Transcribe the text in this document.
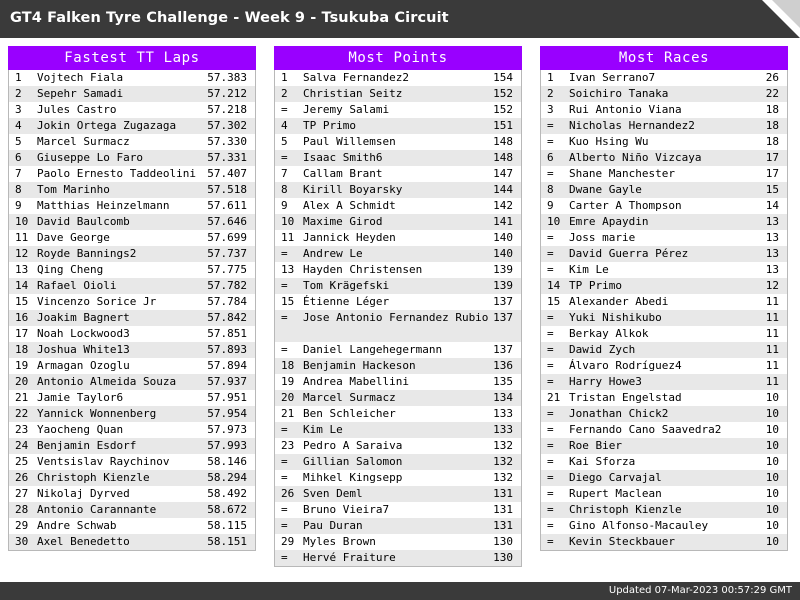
GT4 Falken Tyre Challenge - Week 9 - Tsukuba Circuit
Fastest TT Laps
1	Vojtech Fiala	57.383
2	Sepehr Samadi	57.212
3	Jules Castro	57.218
4	Jokin Ortega Zugazaga	57.302
5	Marcel Surmacz	57.330
6	Giuseppe Lo Faro	57.331
7	Paolo Ernesto Taddeolini	57.407
8	Tom Marinho	57.518
9	Matthias Heinzelmann	57.611
10 David Baulcomb	57.646
11 Dave George	57.699
12 Royde Bannings2	57.737
13 Qing Cheng	57.775
14 Rafael Oioli	57.782
15 Vincenzo Sorice Jr	57.784
16 Joakim Bagnert	57.842
17 Noah Lockwood3	57.851
18 Joshua White13	57.893
19 Armagan Ozoglu	57.894
20 Antonio Almeida Souza	57.937
21 Jamie Taylor6	57.951
22 Yannick Wonnenberg	57.954
23 Yaocheng Quan	57.973
24 Benjamin Esdorf	57.993
25 Ventsislav Raychinov	58.146
26 Christoph Kienzle	58.294
27 Nikolaj Dyrved	58.492
28 Antonio Carannante	58.672
29 Andre Schwab	58.115
30 Axel Benedetto	58.151
Most Points
1	Salva Fernandez2	154
2	Christian Seitz	152
=	Jeremy Salami	152
4	TP Primo	151
5	Paul Willemsen	148
=	Isaac Smith6	148
7	Callam Brant	147
8	Kirill Boyarsky	144
9	Alex A Schmidt	142
10 Maxime Girod	141
11 Jannick Heyden	140
=	Andrew Le	140
13 Hayden Christensen	139
=	Tom Krägefski	139
15 Étienne Léger	137
=	Jose Antonio Fernandez Rubio 137
=	Daniel Langehegermann	137
18 Benjamin Hackeson	136
19 Andrea Mabellini	135
20 Marcel Surmacz	134
21 Ben Schleicher	133
=	Kim Le	133
23 Pedro A Saraiva	132
=	Gillian Salomon	132
=	Mihkel Kingsepp	132
26 Sven Deml	131
=	Bruno Vieira7	131
=	Pau Duran	131
29 Myles Brown	130
=	Hervé Fraiture	130
Most Races
1	Ivan Serrano7	26
2	Soichiro Tanaka	22
3	Rui Antonio Viana	18
=	Nicholas Hernandez2	18
=	Kuo Hsing Wu	18
6	Alberto Niño Vizcaya	17
=	Shane Manchester	17
8	Dwane Gayle	15
9	Carter A Thompson	14
10 Emre Apaydin	13
=	Joss marie	13
=	David Guerra Pérez	13
=	Kim Le	13
14 TP Primo	12
15 Alexander Abedi	11
=	Yuki Nishikubo	11
=	Berkay Alkok	11
=	Dawid Zych	11
=	Álvaro Rodríguez4	11
=	Harry Howe3	11
21 Tristan Engelstad	10
=	Jonathan Chick2	10
=	Fernando Cano Saavedra2	10
=	Roe Bier	10
=	Kai Sforza	10
=	Diego Carvajal	10
=	Rupert Maclean	10
=	Christoph Kienzle	10
=	Gino Alfonso-Macauley	10
=	Kevin Steckbauer	10
Updated 07-Mar-2023 00:57:29 GMT
